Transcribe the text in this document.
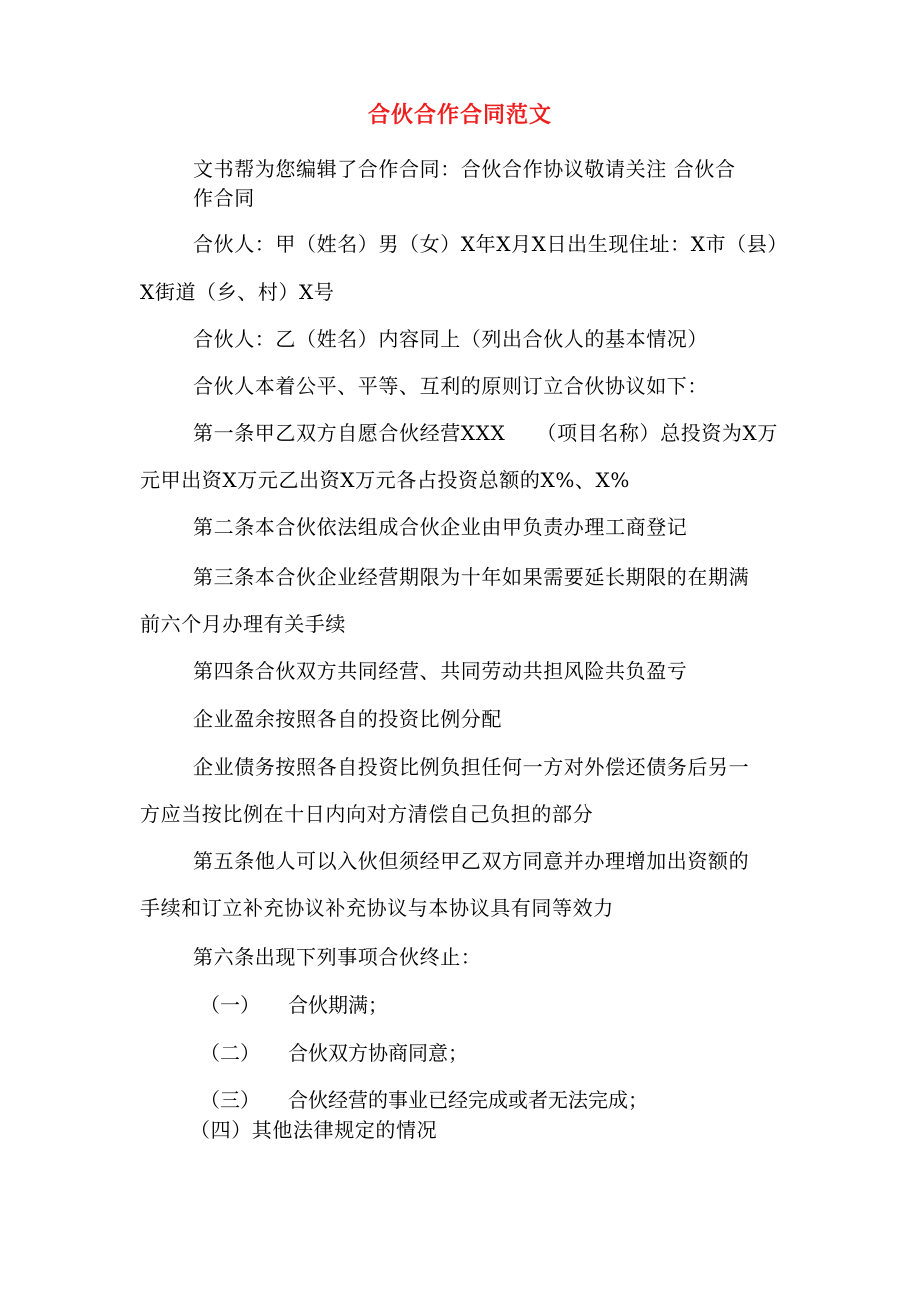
合伙合作合同范文
文书帮为您编辑了合作合同：合伙合作协议敬请关注 合伙合
作合同
合伙人：甲（姓名）男（女）X年X月X日出生现住址：X市（县）
X街道（乡、村）X号
合伙人：乙（姓名）内容同上（列出合伙人的基本情况）
合伙人本着公平、平等、互利的原则订立合伙协议如下：
第一条甲乙双方自愿合伙经营XXX　　（项目名称）总投资为X万
元甲出资X万元乙出资X万元各占投资总额的X%、X%
第二条本合伙依法组成合伙企业由甲负责办理工商登记
第三条本合伙企业经营期限为十年如果需要延长期限的在期满
前六个月办理有关手续
第四条合伙双方共同经营、共同劳动共担风险共负盈亏
企业盈余按照各自的投资比例分配
企业债务按照各自投资比例负担任何一方对外偿还债务后另一
方应当按比例在十日内向对方清偿自己负担的部分
第五条他人可以入伙但须经甲乙双方同意并办理增加出资额的
手续和订立补充协议补充协议与本协议具有同等效力
第六条出现下列事项合伙终止：
（一） 合伙期满；
（二） 合伙双方协商同意；
（三） 合伙经营的事业已经完成或者无法完成；
（四）其他法律规定的情况
